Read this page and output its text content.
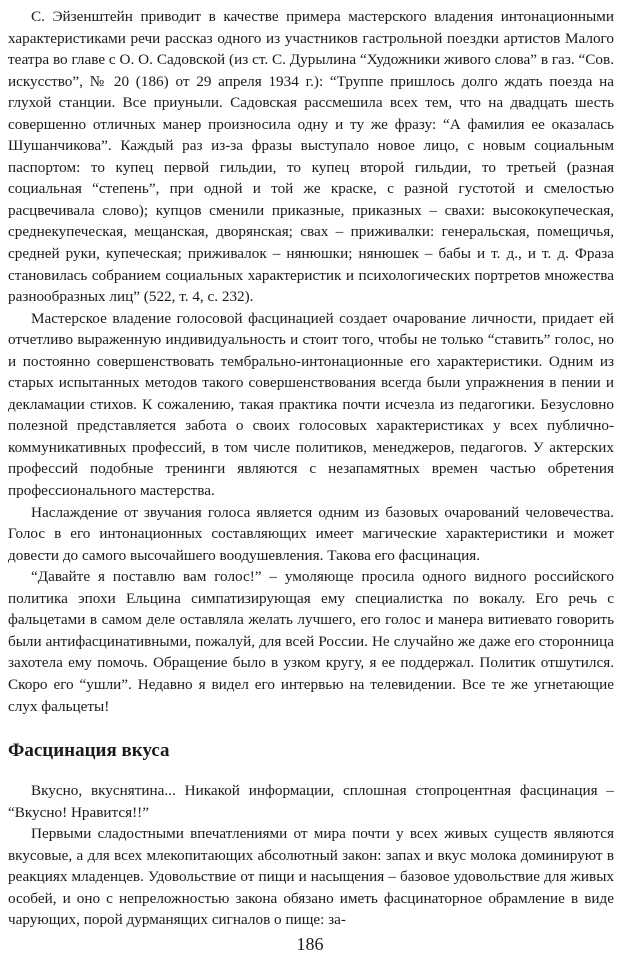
С. Эйзенштейн приводит в качестве примера мастерского владения интонационными характеристиками речи рассказ одного из участников гастрольной поездки артистов Малого театра во главе с О. О. Садовской (из ст. С. Дурылина “Художники живого слова” в газ. “Сов. искусство”, № 20 (186) от 29 апреля 1934 г.): “Труппе пришлось долго ждать поезда на глухой станции. Все приуныли. Садовская рассмешила всех тем, что на двадцать шесть совершенно отличных манер произносила одну и ту же фразу: “А фамилия ее оказалась Шушанчикова”. Каждый раз из-за фразы выступало новое лицо, с новым социальным паспортом: то купец первой гильдии, то купец второй гильдии, то третьей (разная социальная “степень”, при одной и той же краске, с разной густотой и смелостью расцвечивала слово); купцов сменили приказные, приказных – свахи: высококупеческая, среднекупеческая, мещанская, дворянская; свах – приживалки: генеральская, помещичья, средней руки, купеческая; приживалок – нянюшки; нянюшек – бабы и т. д., и т. д. Фраза становилась собранием социальных характеристик и психологических портретов множества разнообразных лиц” (522, т. 4, с. 232).

Мастерское владение голосовой фасцинацией создает очарование личности, придает ей отчетливо выраженную индивидуальность и стоит того, чтобы не только “ставить” голос, но и постоянно совершенствовать тембрально-интонационные его характеристики. Одним из старых испытанных методов такого совершенствования всегда были упражнения в пении и декламации стихов. К сожалению, такая практика почти исчезла из педагогики. Безусловно полезной представляется забота о своих голосовых характеристиках у всех публично-коммуникативных профессий, в том числе политиков, менеджеров, педагогов. У актерских профессий подобные тренинги являются с незапамятных времен частью обретения профессионального мастерства.

Наслаждение от звучания голоса является одним из базовых очарований человечества. Голос в его интонационных составляющих имеет магические характеристики и может довести до самого высочайшего воодушевления. Такова его фасцинация.

“Давайте я поставлю вам голос!” – умоляюще просила одного видного российского политика эпохи Ельцина симпатизирующая ему специалистка по вокалу. Его речь с фальцетами в самом деле оставляла желать лучшего, его голос и манера витиевато говорить были антифасцинативными, пожалуй, для всей России. Не случайно же даже его сторонница захотела ему помочь. Обращение было в узком кругу, я ее поддержал. Политик отшутился. Скоро его “ушли”. Недавно я видел его интервью на телевидении. Все те же угнетающие слух фальцеты!

Фасцинация вкуса

Вкусно, вкуснятина... Никакой информации, сплошная стопроцентная фасцинация – “Вкусно! Нравится!!”

Первыми сладостными впечатлениями от мира почти у всех живых существ являются вкусовые, а для всех млекопитающих абсолютный закон: запах и вкус молока доминируют в реакциях младенцев. Удовольствие от пищи и насыщения – базовое удовольствие для живых особей, и оно с непреложностью закона обязано иметь фасцинаторное обрамление в виде чарующих, порой дурманящих сигналов о пище: за-

186
